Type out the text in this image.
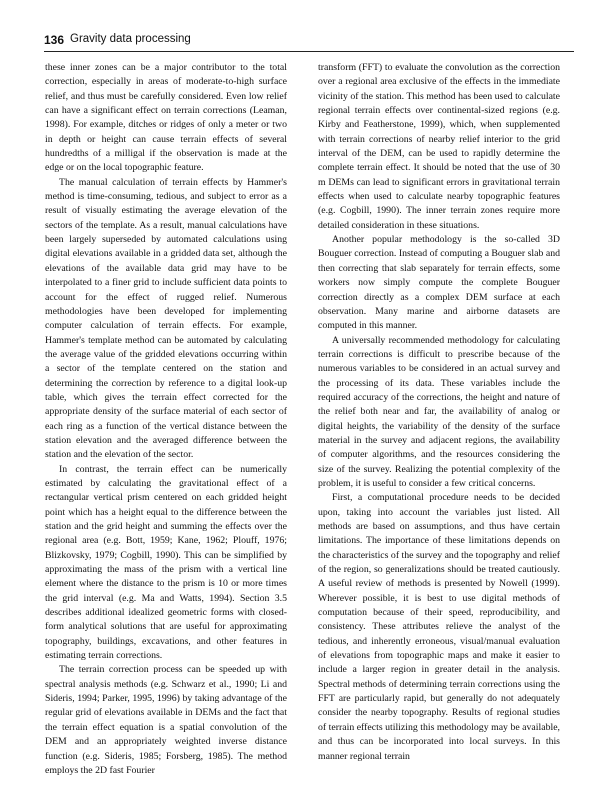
136 Gravity data processing

these inner zones can be a major contributor to the total correction, especially in areas of moderate-to-high surface relief, and thus must be carefully considered. Even low relief can have a significant effect on terrain corrections (Leaman, 1998). For example, ditches or ridges of only a meter or two in depth or height can cause terrain effects of several hundredths of a milligal if the observation is made at the edge or on the local topographic feature.

The manual calculation of terrain effects by Hammer's method is time-consuming, tedious, and subject to error as a result of visually estimating the average elevation of the sectors of the template. As a result, manual calculations have been largely superseded by automated calculations using digital elevations available in a gridded data set, although the elevations of the available data grid may have to be interpolated to a finer grid to include sufficient data points to account for the effect of rugged relief. Numerous methodologies have been developed for implementing computer calculation of terrain effects. For example, Hammer's template method can be automated by calculating the average value of the gridded elevations occurring within a sector of the template centered on the station and determining the correction by reference to a digital look-up table, which gives the terrain effect corrected for the appropriate density of the surface material of each sector of each ring as a function of the vertical distance between the station elevation and the averaged difference between the station and the elevation of the sector.

In contrast, the terrain effect can be numerically estimated by calculating the gravitational effect of a rectangular vertical prism centered on each gridded height point which has a height equal to the difference between the station and the grid height and summing the effects over the regional area (e.g. Bott, 1959; Kane, 1962; Plouff, 1976; Blizkovsky, 1979; Cogbill, 1990). This can be simplified by approximating the mass of the prism with a vertical line element where the distance to the prism is 10 or more times the grid interval (e.g. Ma and Watts, 1994). Section 3.5 describes additional idealized geometric forms with closed-form analytical solutions that are useful for approximating topography, buildings, excavations, and other features in estimating terrain corrections.

The terrain correction process can be speeded up with spectral analysis methods (e.g. Schwarz et al., 1990; Li and Sideris, 1994; Parker, 1995, 1996) by taking advantage of the regular grid of elevations available in DEMs and the fact that the terrain effect equation is a spatial convolution of the DEM and an appropriately weighted inverse distance function (e.g. Sideris, 1985; Forsberg, 1985). The method employs the 2D fast Fourier

transform (FFT) to evaluate the convolution as the correction over a regional area exclusive of the effects in the immediate vicinity of the station. This method has been used to calculate regional terrain effects over continental-sized regions (e.g. Kirby and Featherstone, 1999), which, when supplemented with terrain corrections of nearby relief interior to the grid interval of the DEM, can be used to rapidly determine the complete terrain effect. It should be noted that the use of 30 m DEMs can lead to significant errors in gravitational terrain effects when used to calculate nearby topographic features (e.g. Cogbill, 1990). The inner terrain zones require more detailed consideration in these situations.

Another popular methodology is the so-called 3D Bouguer correction. Instead of computing a Bouguer slab and then correcting that slab separately for terrain effects, some workers now simply compute the complete Bouguer correction directly as a complex DEM surface at each observation. Many marine and airborne datasets are computed in this manner.

A universally recommended methodology for calculating terrain corrections is difficult to prescribe because of the numerous variables to be considered in an actual survey and the processing of its data. These variables include the required accuracy of the corrections, the height and nature of the relief both near and far, the availability of analog or digital heights, the variability of the density of the surface material in the survey and adjacent regions, the availability of computer algorithms, and the resources considering the size of the survey. Realizing the potential complexity of the problem, it is useful to consider a few critical concerns.

First, a computational procedure needs to be decided upon, taking into account the variables just listed. All methods are based on assumptions, and thus have certain limitations. The importance of these limitations depends on the characteristics of the survey and the topography and relief of the region, so generalizations should be treated cautiously. A useful review of methods is presented by Nowell (1999). Wherever possible, it is best to use digital methods of computation because of their speed, reproducibility, and consistency. These attributes relieve the analyst of the tedious, and inherently erroneous, visual/manual evaluation of elevations from topographic maps and make it easier to include a larger region in greater detail in the analysis. Spectral methods of determining terrain corrections using the FFT are particularly rapid, but generally do not adequately consider the nearby topography. Results of regional studies of terrain effects utilizing this methodology may be available, and thus can be incorporated into local surveys. In this manner regional terrain
